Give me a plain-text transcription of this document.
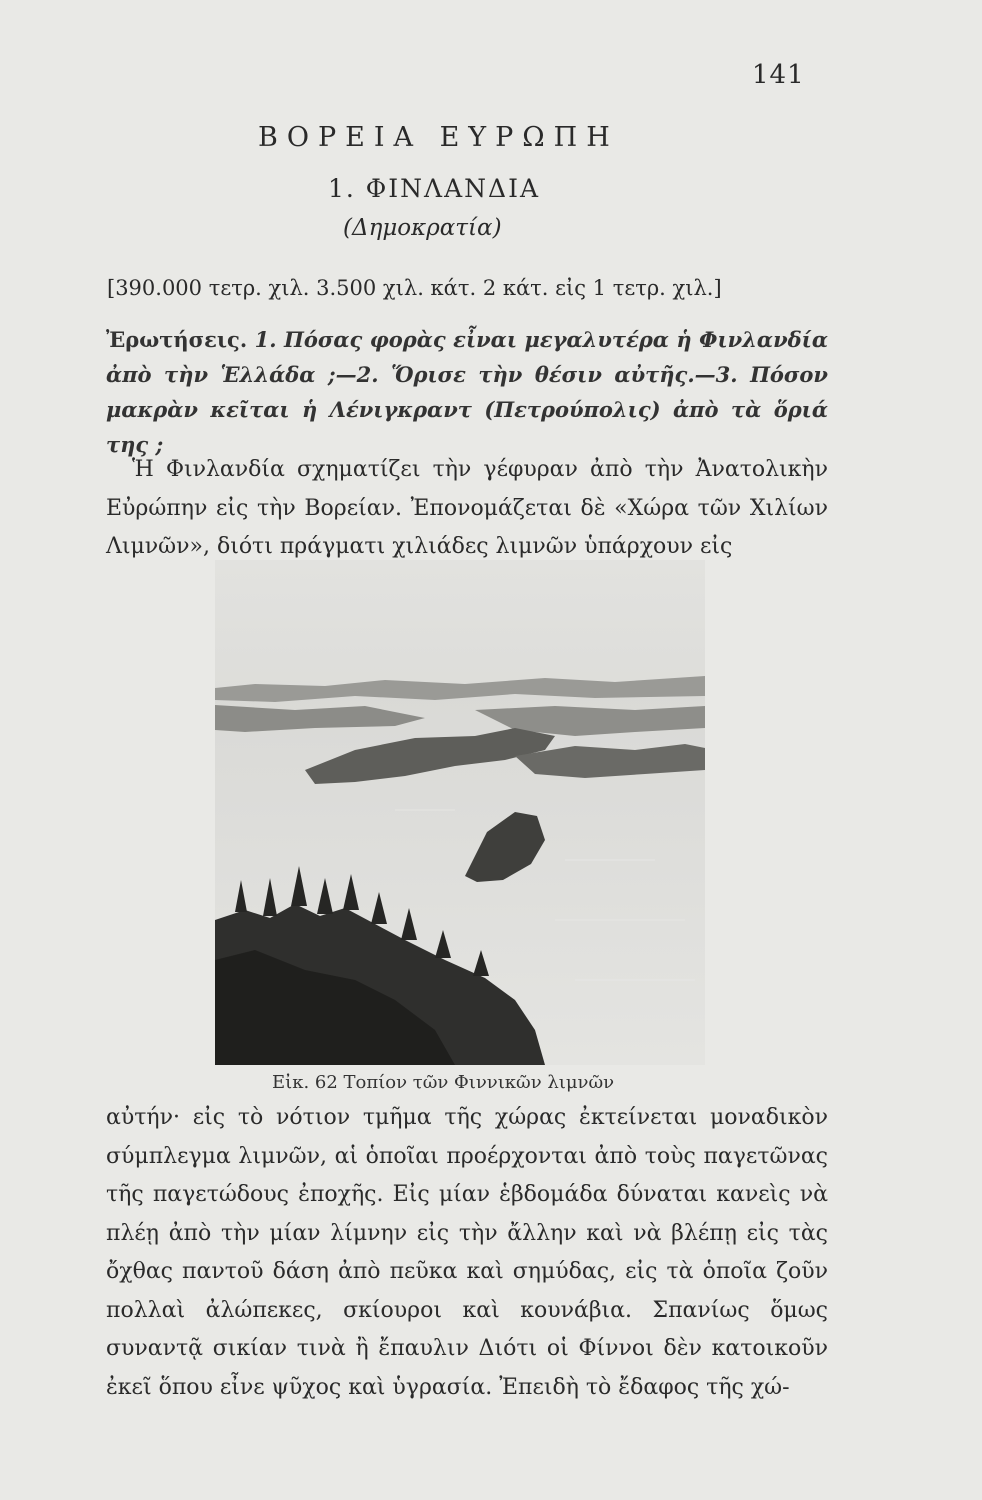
141
ΒΟΡΕΙΑ ΕΥΡΩΠΗ
1. ΦΙΝΛΑΝΔΙΑ
(Δημοκρατία)
[390.000 τετρ. χιλ. 3.500 χιλ. κάτ. 2 κάτ. εἰς 1 τετρ. χιλ.]
Ἐρωτήσεις. 1. Πόσας φορὰς εἶναι μεγαλυτέρα ἡ Φινλανδία ἀπὸ τὴν Ἑλλάδα ;—2. Ὅρισε τὴν θέσιν αὐτῆς.—3. Πόσον μακρὰν κεῖται ἡ Λένιγκραντ (Πετρούπολις) ἀπὸ τὰ ὅριά της ;
Ἡ Φινλανδία σχηματίζει τὴν γέφυραν ἀπὸ τὴν Ἀνατολικὴν Εὐρώπην εἰς τὴν Βορείαν. Ἐπονομάζεται δὲ «Χώρα τῶν Χιλίων Λιμνῶν», διότι πράγματι χιλιάδες λιμνῶν ὑπάρχουν εἰς
Εἰκ. 62 Τοπίον τῶν Φιννικῶν λιμνῶν
αὐτήν· εἰς τὸ νότιον τμῆμα τῆς χώρας ἐκτείνεται μοναδικὸν σύμπλεγμα λιμνῶν, αἱ ὁποῖαι προέρχονται ἀπὸ τοὺς παγετῶνας τῆς παγετώδους ἐποχῆς. Εἰς μίαν ἑβδομάδα δύναται κανεὶς νὰ πλέῃ ἀπὸ τὴν μίαν λίμνην εἰς τὴν ἄλλην καὶ νὰ βλέπῃ εἰς τὰς ὄχθας παντοῦ δάση ἀπὸ πεῦκα καὶ σημύδας, εἰς τὰ ὁποῖα ζοῦν πολλαὶ ἀλώπεκες, σκίουροι καὶ κουνάβια. Σπανίως ὅμως συναντᾷ σικίαν τινὰ ἢ ἔπαυλιν Διότι οἱ Φίννοι δὲν κατοικοῦν ἐκεῖ ὅπου εἶνε ψῦχος καὶ ὑγρασία. Ἐπειδὴ τὸ ἔδαφος τῆς χώ-
